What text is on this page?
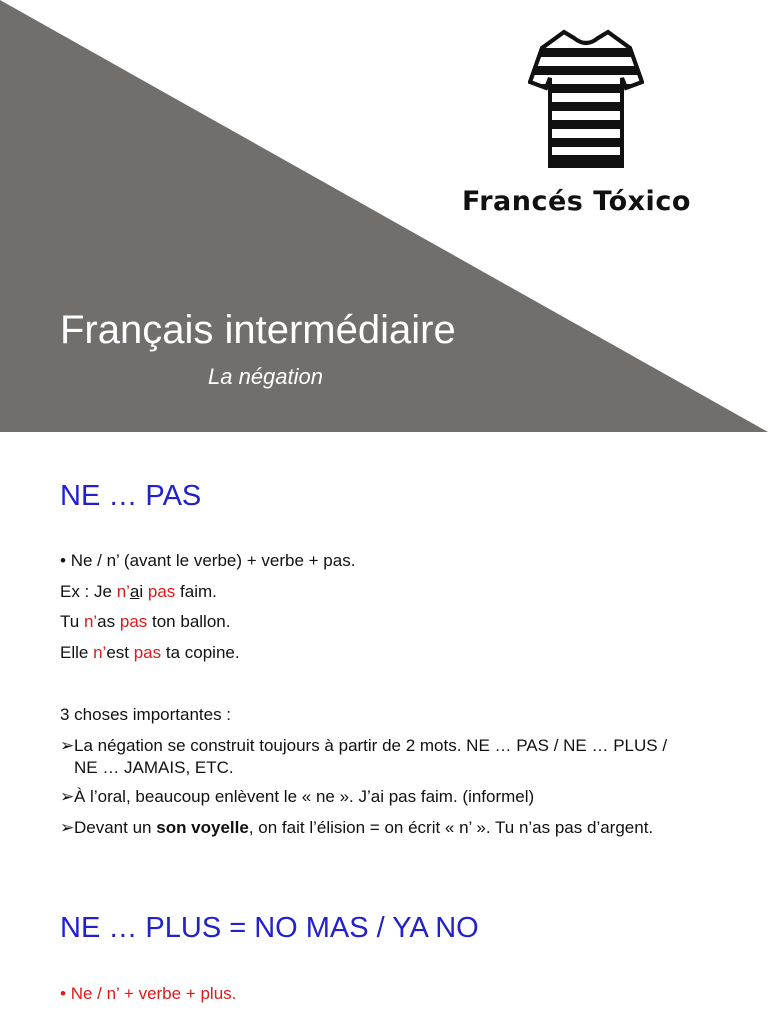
Francés Tóxico
Français intermédiaire
La négation
NE … PAS
• Ne / n’ (avant le verbe) + verbe + pas.
Ex : Je n’ai pas faim.
Tu n’as pas ton ballon.
Elle n’est pas ta copine.
3 choses importantes :
➢La négation se construit toujours à partir de 2 mots. NE … PAS / NE … PLUS /
NE … JAMAIS, ETC.
➢À l’oral, beaucoup enlèvent le « ne ». J’ai pas faim. (informel)
➢Devant un son voyelle, on fait l’élision = on écrit « n’ ». Tu n’as pas d’argent.
NE … PLUS = NO MAS / YA NO
• Ne / n’ + verbe + plus.
